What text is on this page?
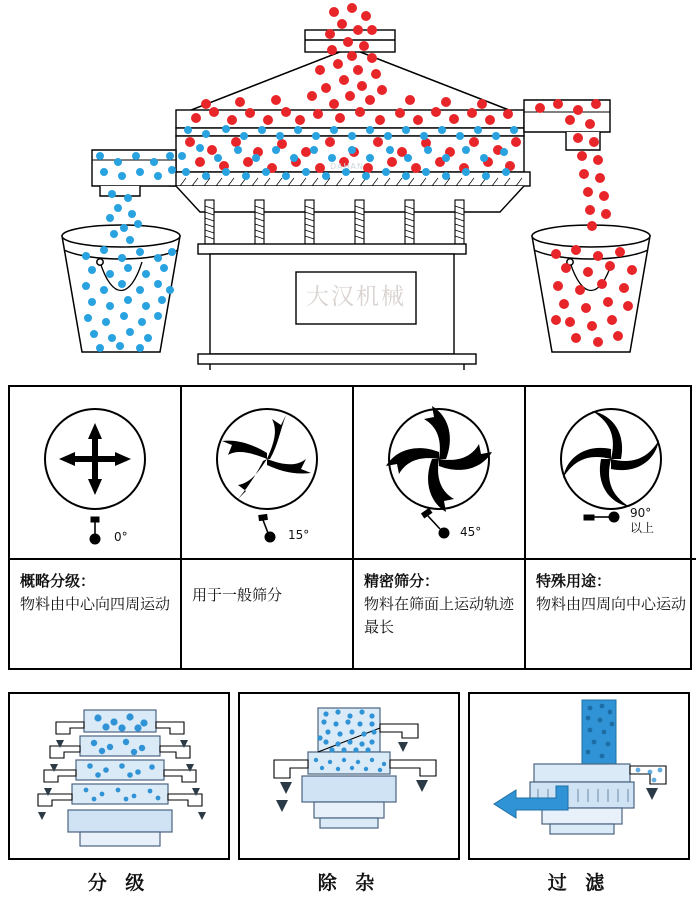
DAHAN
大汉机械
0°
概略分级：
物料由中心向四周运动
15°
用于一般筛分
45°
精密筛分：
物料在筛面上运动轨迹最长
90°
以上
特殊用途：
物料由四周向中心运动
分 级	除 杂	过 滤
